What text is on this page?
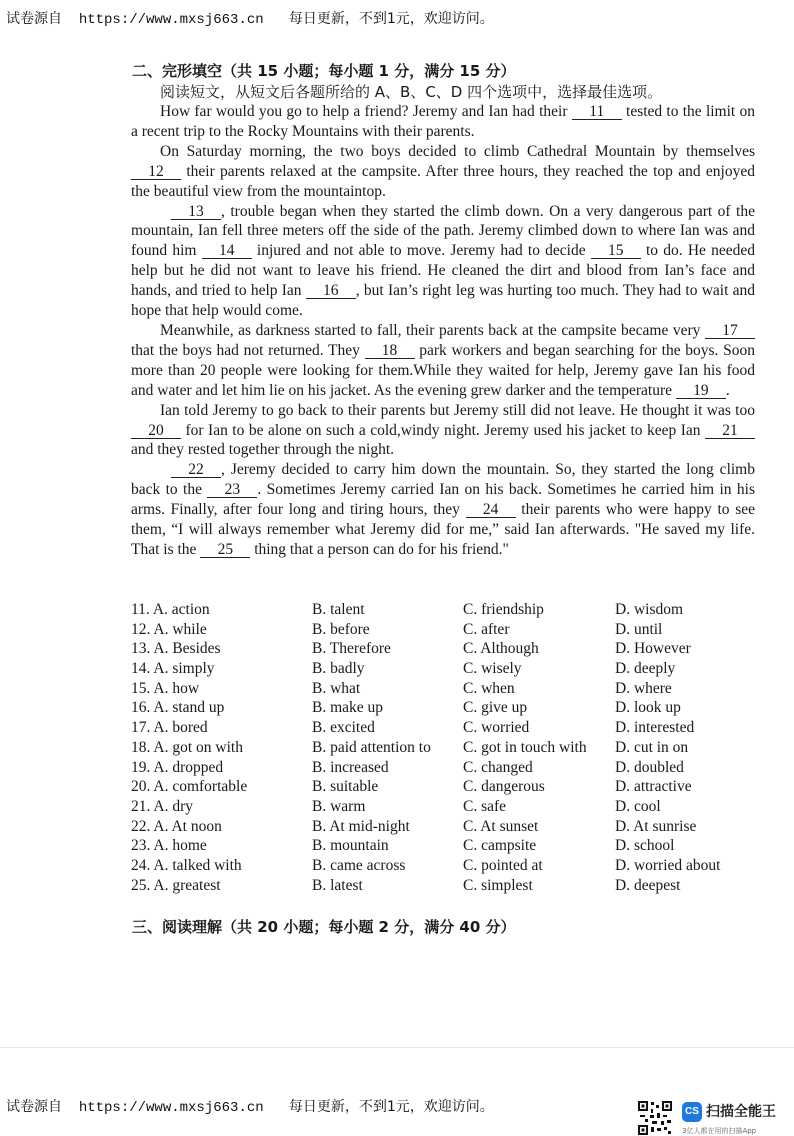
试卷源自 https://www.mxsj663.cn 每日更新，不到1元，欢迎访问。
二、完形填空（共 15 小题；每小题 1 分，满分 15 分）
阅读短文，从短文后各题所给的 A、B、C、D 四个选项中，选择最佳选项。

How far would you go to help a friend? Jeremy and Ian had their 11 tested to the limit on a recent trip to the Rocky Mountains with their parents.

On Saturday morning, the two boys decided to climb Cathedral Mountain by themselves 12 their parents relaxed at the campsite. After three hours, they reached the top and enjoyed the beautiful view from the mountaintop.

13 , trouble began when they started the climb down. On a very dangerous part of the mountain, Ian fell three meters off the side of the path. Jeremy climbed down to where Ian was and found him 14 injured and not able to move. Jeremy had to decide 15 to do. He needed help but he did not want to leave his friend. He cleaned the dirt and blood from Ian’s face and hands, and tried to help Ian 16 , but Ian’s right leg was hurting too much. They had to wait and hope that help would come.

Meanwhile, as darkness started to fall, their parents back at the campsite became very 17 that the boys had not returned. They 18 park workers and began searching for the boys. Soon more than 20 people were looking for them.While they waited for help, Jeremy gave Ian his food and water and let him lie on his jacket. As the evening grew darker and the temperature 19 .

Ian told Jeremy to go back to their parents but Jeremy still did not leave. He thought it was too 20 for Ian to be alone on such a cold,windy night. Jeremy used his jacket to keep Ian 21 and they rested together through the night.

22 , Jeremy decided to carry him down the mountain. So, they started the long climb back to the 23 . Sometimes Jeremy carried Ian on his back. Sometimes he carried him in his arms. Finally, after four long and tiring hours, they 24 their parents who were happy to see them, “I will always remember what Jeremy did for me,” said Ian afterwards. "He saved my life. That is the 25 thing that a person can do for his friend."

11. A. action	B. talent	C. friendship	D. wisdom
12. A. while	B. before	C. after	D. until
13. A. Besides	B. Therefore	C. Although	D. However
14. A. simply	B. badly	C. wisely	D. deeply
15. A. how	B. what	C. when	D. where
16. A. stand up	B. make up	C. give up	D. look up
17. A. bored	B. excited	C. worried	D. interested
18. A. got on with	B. paid attention to	C. got in touch with	D. cut in on
19. A. dropped	B. increased	C. changed	D. doubled
20. A. comfortable	B. suitable	C. dangerous	D. attractive
21. A. dry	B. warm	C. safe	D. cool
22. A. At noon	B. At mid-night	C. At sunset	D. At sunrise
23. A. home	B. mountain	C. campsite	D. school
24. A. talked with	B. came across	C. pointed at	D. worried about
25. A. greatest	B. latest	C. simplest	D. deepest
三、阅读理解（共 20 小题；每小题 2 分，满分 40 分）
试卷源自 https://www.mxsj663.cn 每日更新，不到1元，欢迎访问。	CS 扫描全能王
3亿人都在用的扫描App
